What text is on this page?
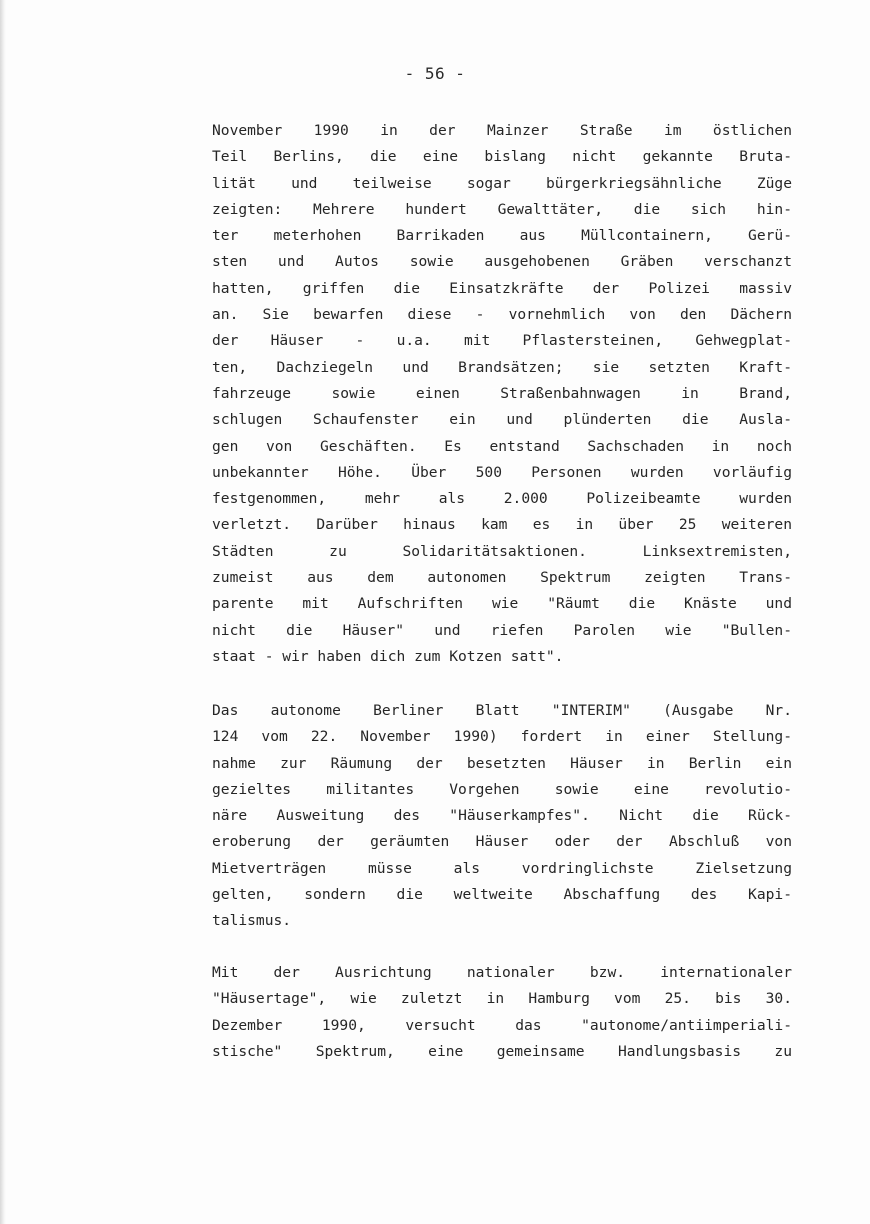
- 56 -
November 1990 in der Mainzer Straße im östlichen
Teil Berlins, die eine bislang nicht gekannte Bruta-
lität und teilweise sogar bürgerkriegsähnliche Züge
zeigten: Mehrere hundert Gewalttäter, die sich hin-
ter meterhohen Barrikaden aus Müllcontainern, Gerü-
sten und Autos sowie ausgehobenen Gräben verschanzt
hatten, griffen die Einsatzkräfte der Polizei massiv
an. Sie bewarfen diese - vornehmlich von den Dächern
der Häuser - u.a. mit Pflastersteinen, Gehwegplat-
ten, Dachziegeln und Brandsätzen; sie setzten Kraft-
fahrzeuge sowie einen Straßenbahnwagen in Brand,
schlugen Schaufenster ein und plünderten die Ausla-
gen von Geschäften. Es entstand Sachschaden in noch
unbekannter Höhe. Über 500 Personen wurden vorläufig
festgenommen, mehr als 2.000 Polizeibeamte wurden
verletzt. Darüber hinaus kam es in über 25 weiteren
Städten zu Solidaritätsaktionen. Linksextremisten,
zumeist aus dem autonomen Spektrum zeigten Trans-
parente mit Aufschriften wie "Räumt die Knäste und
nicht die Häuser" und riefen Parolen wie "Bullen-
staat - wir haben dich zum Kotzen satt".
Das autonome Berliner Blatt "INTERIM" (Ausgabe Nr.
124 vom 22. November 1990) fordert in einer Stellung-
nahme zur Räumung der besetzten Häuser in Berlin ein
gezieltes militantes Vorgehen sowie eine revolutio-
näre Ausweitung des "Häuserkampfes". Nicht die Rück-
eroberung der geräumten Häuser oder der Abschluß von
Mietverträgen müsse als vordringlichste Zielsetzung
gelten, sondern die weltweite Abschaffung des Kapi-
talismus.
Mit der Ausrichtung nationaler bzw. internationaler
"Häusertage", wie zuletzt in Hamburg vom 25. bis 30.
Dezember 1990, versucht das "autonome/antiimperiali-
stische" Spektrum, eine gemeinsame Handlungsbasis zu
